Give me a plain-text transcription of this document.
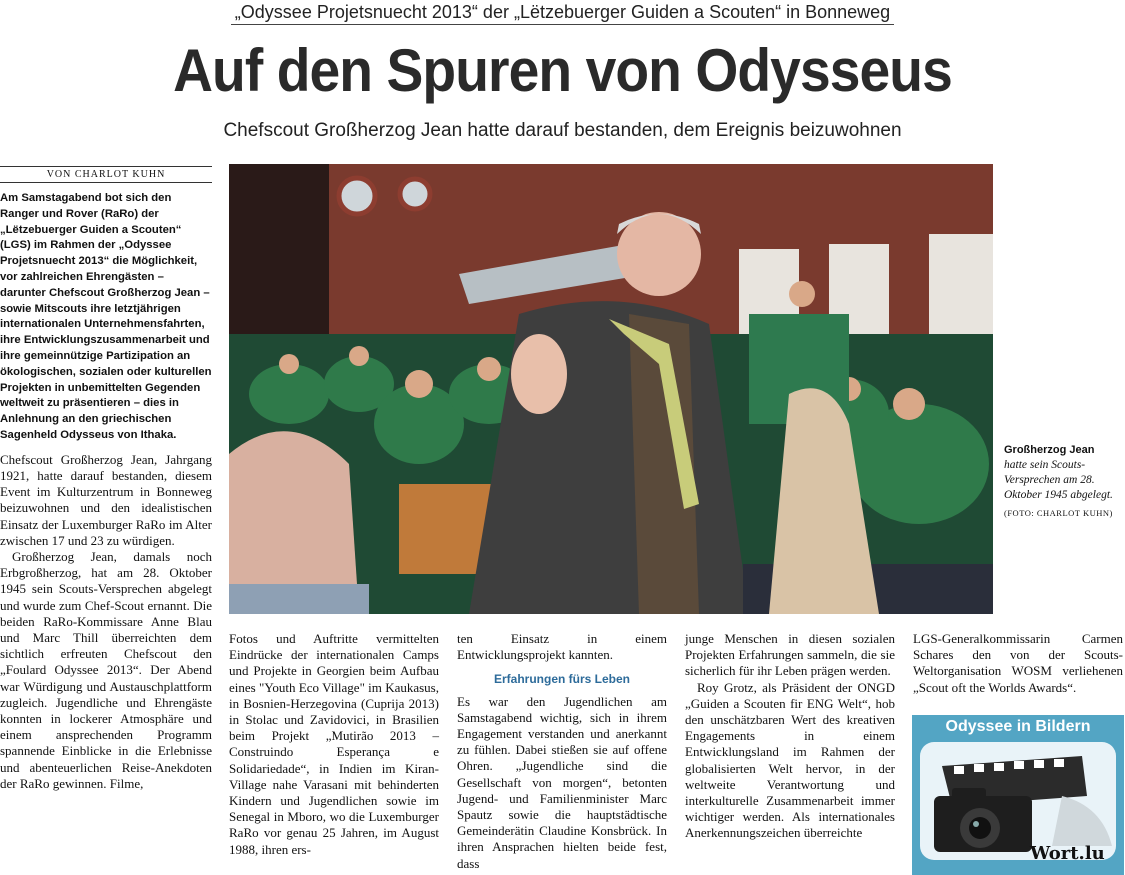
„Odyssee Projetsnuecht 2013“ der „Lëtzebuerger Guiden a Scouten“ in Bonneweg
Auf den Spuren von Odysseus
Chefscout Großherzog Jean hatte darauf bestanden, dem Ereignis beizuwohnen
VON CHARLOT KUHN
Am Samstagabend bot sich den Ranger und Rover (RaRo) der „Lëtzebuerger Guiden a Scouten“ (LGS) im Rahmen der „Odyssee Projetsnuecht 2013“ die Möglichkeit, vor zahlreichen Ehrengästen – darunter Chefscout Großherzog Jean – sowie Mitscouts ihre letztjährigen internationalen Unternehmensfahrten, ihre Entwicklungszusammenarbeit und ihre gemeinnützige Partizipation an ökologischen, sozialen oder kulturellen Projekten in unbemittelten Gegenden weltweit zu präsentieren – dies in Anlehnung an den griechischen Sagenheld Odysseus von Ithaka.

Chefscout Großherzog Jean, Jahrgang 1921, hatte darauf bestanden, diesem Event im Kulturzentrum in Bonneweg beizuwohnen und den idealistischen Einsatz der Luxemburger RaRo im Alter zwischen 17 und 23 zu würdigen.

Großherzog Jean, damals noch Erbgroßherzog, hat am 28. Oktober 1945 sein Scouts-Versprechen abgelegt und wurde zum Chef-Scout ernannt. Die beiden RaRo-Kommissare Anne Blau und Marc Thill überreichten dem sichtlich erfreuten Chefscout den „Foulard Odyssee 2013“. Der Abend war Würdigung und Austauschplattform zugleich. Jugendliche und Ehrengäste konnten in lockerer Atmosphäre und einem ansprechenden Programm spannende Einblicke in die Erlebnisse und abenteuerlichen Reise-Anekdoten der RaRo gewinnen. Filme,

Großherzog Jean
hatte sein Scouts-Versprechen am 28. Oktober 1945 abgelegt.
(FOTO: CHARLOT KUHN)

Fotos und Auftritte vermittelten Eindrücke der internationalen Camps und Projekte in Georgien beim Aufbau eines "Youth Eco Village" im Kaukasus, in Bosnien-Herzegovina (Cuprija 2013) in Stolac und Zavidovici, in Brasilien beim Projekt „Mutirão 2013 – Construindo Esperança e Solidariedade“, in Indien im Kiran-Village nahe Varasani mit behinderten Kindern und Jugendlichen sowie im Senegal in Mboro, wo die Luxemburger RaRo vor genau 25 Jahren, im August 1988, ihren ers-

ten Einsatz in einem Entwicklungsprojekt kannten.

Erfahrungen fürs Leben

Es war den Jugendlichen am Samstagabend wichtig, sich in ihrem Engagement verstanden und anerkannt zu fühlen. Dabei stießen sie auf offene Ohren. „Jugendliche sind die Gesellschaft von morgen“, betonten Jugend- und Familienminister Marc Spautz sowie die hauptstädtische Gemeinderätin Claudine Konsbrück. In ihren Ansprachen hielten beide fest, dass

junge Menschen in diesen sozialen Projekten Erfahrungen sammeln, die sie sicherlich für ihr Leben prägen werden.

Roy Grotz, als Präsident der ONGD „Guiden a Scouten fir ENG Welt“, hob den unschätzbaren Wert des kreativen Engagements in einem Entwicklungsland im Rahmen der globalisierten Welt hervor, in der weltweite Verantwortung und interkulturelle Zusammenarbeit immer wichtiger werden. Als internationales Anerkennungszeichen überreichte

LGS-Generalkommissarin Carmen Schares den von der Scouts-Weltorganisation WOSM verliehenen „Scout oft the Worlds Awards“.

Odyssee in Bildern
Wort.lu
